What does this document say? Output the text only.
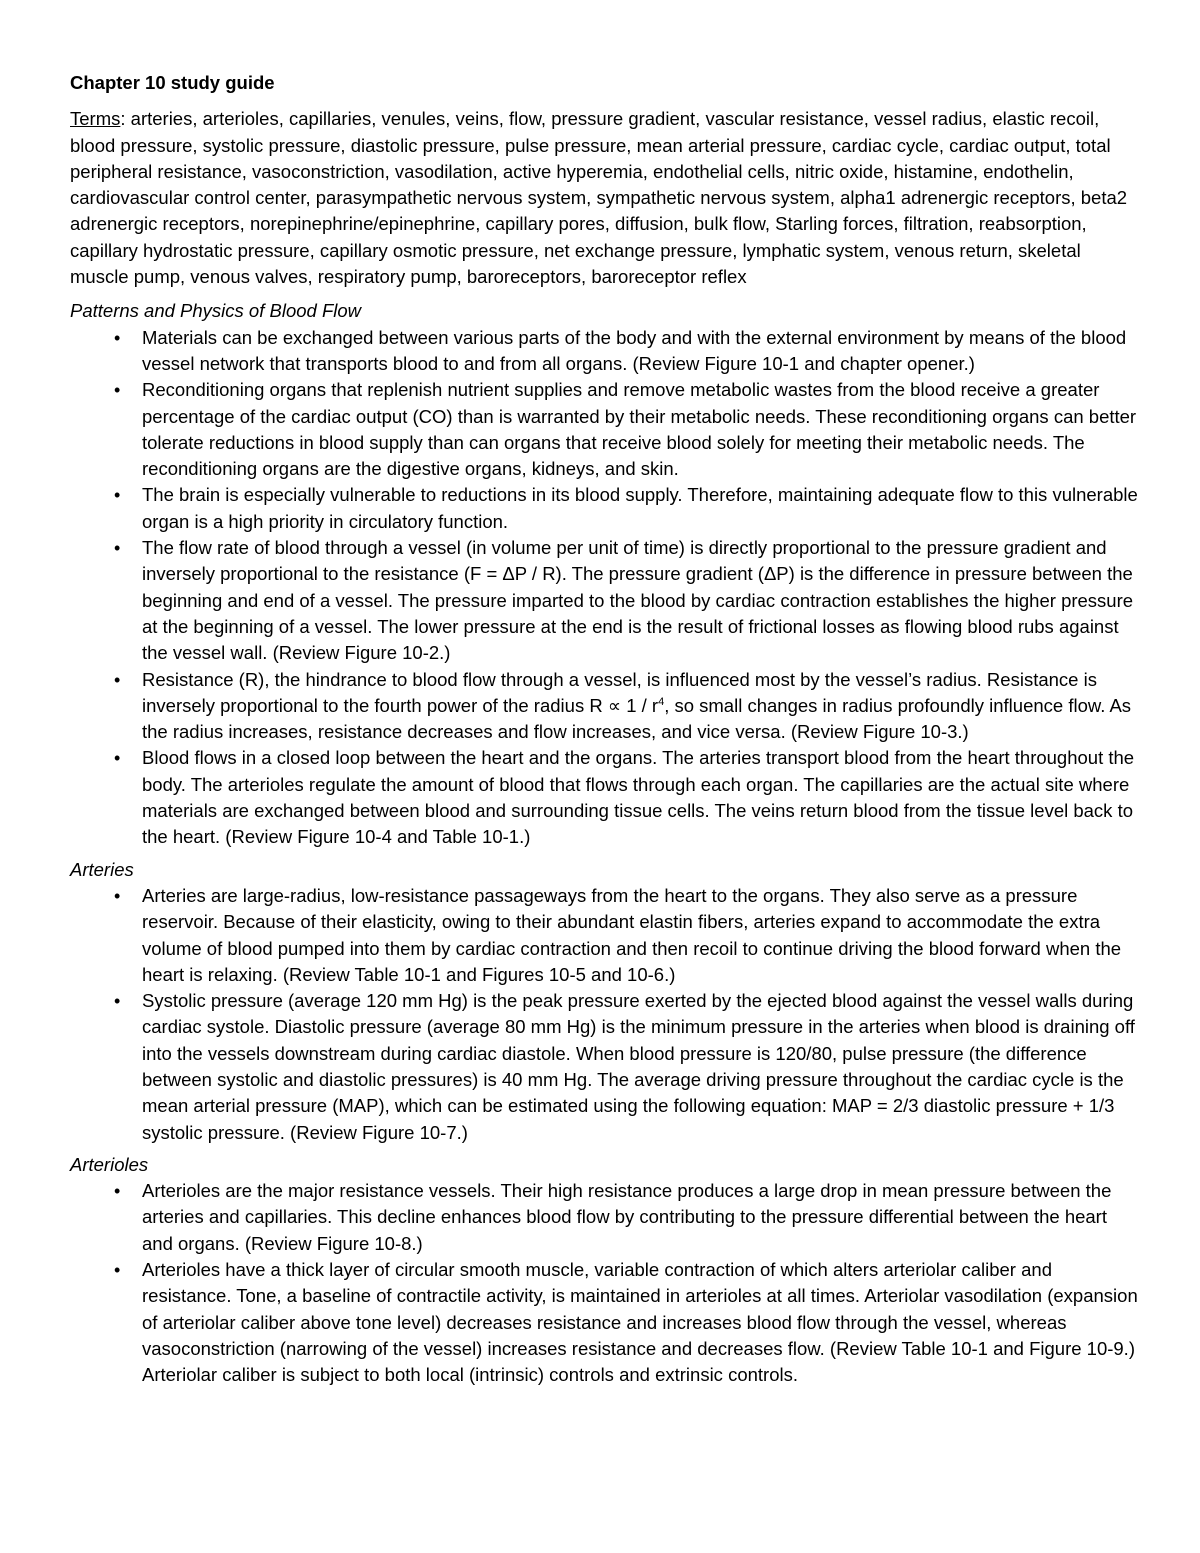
Chapter 10 study guide

Terms: arteries, arterioles, capillaries, venules, veins, flow, pressure gradient, vascular resistance, vessel radius, elastic recoil, blood pressure, systolic pressure, diastolic pressure, pulse pressure, mean arterial pressure, cardiac cycle, cardiac output, total peripheral resistance, vasoconstriction, vasodilation, active hyperemia, endothelial cells, nitric oxide, histamine, endothelin, cardiovascular control center, parasympathetic nervous system, sympathetic nervous system, alpha1 adrenergic receptors, beta2 adrenergic receptors, norepinephrine/epinephrine, capillary pores, diffusion, bulk flow, Starling forces, filtration, reabsorption, capillary hydrostatic pressure, capillary osmotic pressure, net exchange pressure, lymphatic system, venous return, skeletal muscle pump, venous valves, respiratory pump, baroreceptors, baroreceptor reflex

Patterns and Physics of Blood Flow

• Materials can be exchanged between various parts of the body and with the external environment by means of the blood vessel network that transports blood to and from all organs. (Review Figure 10-1 and chapter opener.)
• Reconditioning organs that replenish nutrient supplies and remove metabolic wastes from the blood receive a greater percentage of the cardiac output (CO) than is warranted by their metabolic needs. These reconditioning organs can better tolerate reductions in blood supply than can organs that receive blood solely for meeting their metabolic needs. The reconditioning organs are the digestive organs, kidneys, and skin.
• The brain is especially vulnerable to reductions in its blood supply. Therefore, maintaining adequate flow to this vulnerable organ is a high priority in circulatory function.
• The flow rate of blood through a vessel (in volume per unit of time) is directly proportional to the pressure gradient and inversely proportional to the resistance (F = ΔP / R). The pressure gradient (ΔP) is the difference in pressure between the beginning and end of a vessel. The pressure imparted to the blood by cardiac contraction establishes the higher pressure at the beginning of a vessel. The lower pressure at the end is the result of frictional losses as flowing blood rubs against the vessel wall. (Review Figure 10-2.)
• Resistance (R), the hindrance to blood flow through a vessel, is influenced most by the vessel’s radius. Resistance is inversely proportional to the fourth power of the radius $R \propto 1 / r^4$, so small changes in radius profoundly influence flow. As the radius increases, resistance decreases and flow increases, and vice versa. (Review Figure 10-3.)
• Blood flows in a closed loop between the heart and the organs. The arteries transport blood from the heart throughout the body. The arterioles regulate the amount of blood that flows through each organ. The capillaries are the actual site where materials are exchanged between blood and surrounding tissue cells. The veins return blood from the tissue level back to the heart. (Review Figure 10-4 and Table 10-1.)

Arteries

• Arteries are large-radius, low-resistance passageways from the heart to the organs. They also serve as a pressure reservoir. Because of their elasticity, owing to their abundant elastin fibers, arteries expand to accommodate the extra volume of blood pumped into them by cardiac contraction and then recoil to continue driving the blood forward when the heart is relaxing. (Review Table 10-1 and Figures 10-5 and 10-6.)
• Systolic pressure (average 120 mm Hg) is the peak pressure exerted by the ejected blood against the vessel walls during cardiac systole. Diastolic pressure (average 80 mm Hg) is the minimum pressure in the arteries when blood is draining off into the vessels downstream during cardiac diastole. When blood pressure is 120/80, pulse pressure (the difference between systolic and diastolic pressures) is 40 mm Hg. The average driving pressure throughout the cardiac cycle is the mean arterial pressure (MAP), which can be estimated using the following equation: MAP = 2/3 diastolic pressure + 1/3 systolic pressure. (Review Figure 10-7.)

Arterioles

• Arterioles are the major resistance vessels. Their high resistance produces a large drop in mean pressure between the arteries and capillaries. This decline enhances blood flow by contributing to the pressure differential between the heart and organs. (Review Figure 10-8.)
• Arterioles have a thick layer of circular smooth muscle, variable contraction of which alters arteriolar caliber and resistance. Tone, a baseline of contractile activity, is maintained in arterioles at all times. Arteriolar vasodilation (expansion of arteriolar caliber above tone level) decreases resistance and increases blood flow through the vessel, whereas vasoconstriction (narrowing of the vessel) increases resistance and decreases flow. (Review Table 10-1 and Figure 10-9.) Arteriolar caliber is subject to both local (intrinsic) controls and extrinsic controls.
